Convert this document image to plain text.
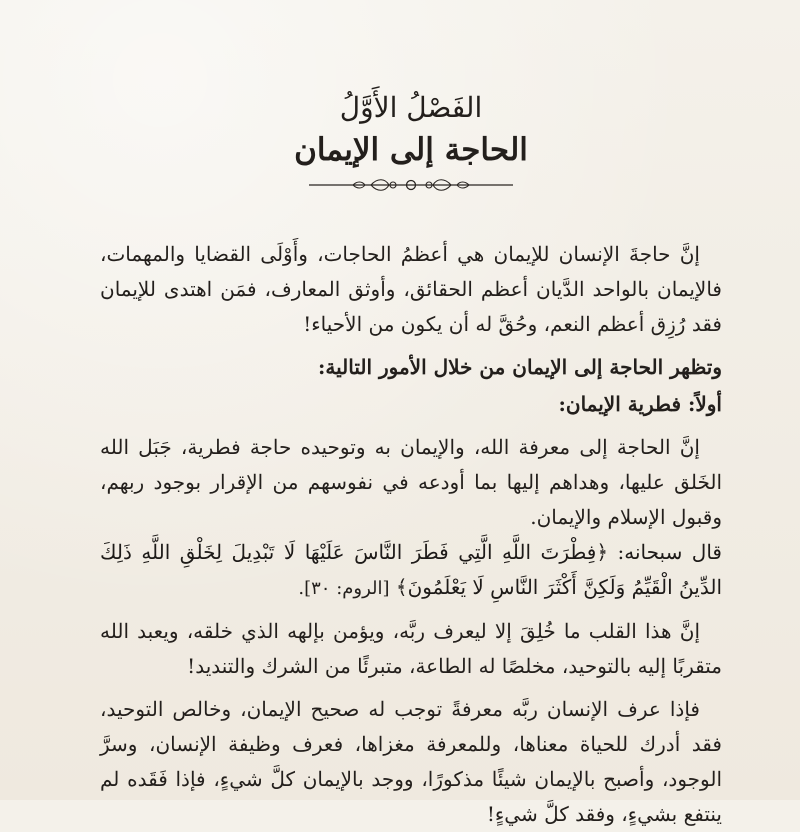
الفَصْلُ الأَوَّلُ
الحاجة إلى الإيمان

إنَّ حاجةَ الإنسان للإيمان هي أعظمُ الحاجات، وأَوْلَى القضايا والمهمات، فالإيمان بالواحد الدَّيان أعظم الحقائق، وأوثق المعارف، فمَن اهتدى للإيمان فقد رُزِق أعظم النعم، وحُقَّ له أن يكون من الأحياء!

وتظهر الحاجة إلى الإيمان من خلال الأمور التالية:

أولاً: فطرية الإيمان:

إنَّ الحاجة إلى معرفة الله، والإيمان به وتوحيده حاجة فطرية، جَبَل الله الخَلق عليها، وهداهم إليها بما أودعه في نفوسهم من الإقرار بوجود ربهم، وقبول الإسلام والإيمان.

قال سبحانه: ﴿فِطْرَتَ اللَّهِ الَّتِي فَطَرَ النَّاسَ عَلَيْهَا لَا تَبْدِيلَ لِخَلْقِ اللَّهِ ذَلِكَ الدِّينُ الْقَيِّمُ وَلَكِنَّ أَكْثَرَ النَّاسِ لَا يَعْلَمُونَ﴾ [الروم: ٣٠].

إنَّ هذا القلب ما خُلِقَ إلا ليعرف ربَّه، ويؤمن بإلهه الذي خلقه، ويعبد الله متقربًا إليه بالتوحيد، مخلصًا له الطاعة، متبرئًا من الشرك والتنديد!

فإذا عرف الإنسان ربَّه معرفةً توجب له صحيح الإيمان، وخالص التوحيد، فقد أدرك للحياة معناها، وللمعرفة مغزاها، فعرف وظيفة الإنسان، وسرَّ الوجود، وأصبح بالإيمان شيئًا مذكورًا، ووجد بالإيمان كلَّ شيءٍ، فإذا فَقَده لم ينتفع بشيءٍ، وفقد كلَّ شيءٍ!
